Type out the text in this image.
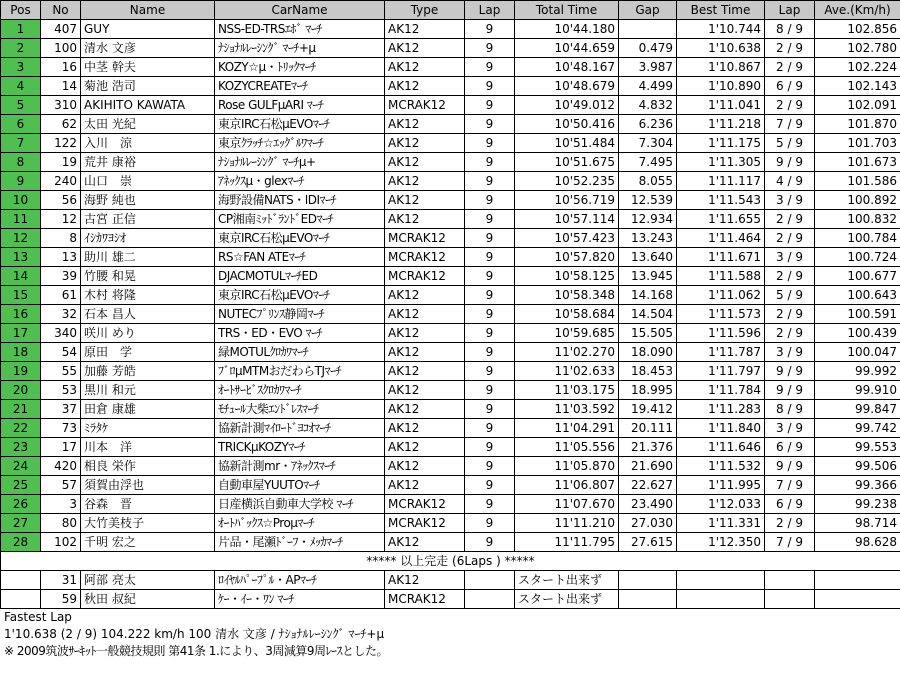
Pos	No	Name	CarName	Type	Lap	Total Time	Gap	Best Time	Lap	Ave.(Km/h)
1	407	GUY	NSS-ED-TRSｴﾎﾞ ﾏｰﾁ	AK12	9	10'44.180		1'10.744	8 / 9	102.856
2	100	清水 文彦	ﾅｼｮﾅﾙﾚｰｼﾝｸﾞ ﾏｰﾁ+μ	AK12	9	10'44.659	0.479	1'10.638	2 / 9	102.780
3	16	中茎 幹夫	KOZY☆μ・ﾄﾘｯｸﾏｰﾁ	AK12	9	10'48.167	3.987	1'10.867	2 / 9	102.224
4	14	菊池 浩司	KOZYCREATEﾏｰﾁ	AK12	9	10'48.679	4.499	1'10.890	6 / 9	102.143
5	310	AKIHITO KAWATA	Rose GULFμARI ﾏｰﾁ	MCRAK12	9	10'49.012	4.832	1'11.041	2 / 9	102.091
6	62	太田 光紀	東京IRC石松μEVOﾏｰﾁ	AK12	9	10'50.416	6.236	1'11.218	7 / 9	101.870
7	122	入川　涼	東京ｸﾗｯﾁ☆ｴｯｸﾞﾙﾜﾏｰﾁ	AK12	9	10'51.484	7.304	1'11.175	5 / 9	101.703
8	19	荒井 康裕	ﾅｼｮﾅﾙﾚｰｼﾝｸﾞ ﾏｰﾁμ+	AK12	9	10'51.675	7.495	1'11.305	9 / 9	101.673
9	240	山口　崇	ｱﾈｯｸｽμ・glexﾏｰﾁ	AK12	9	10'52.235	8.055	1'11.117	4 / 9	101.586
10	56	海野 純也	海野設備NATS・IDIﾏｰﾁ	AK12	9	10'56.719	12.539	1'11.543	3 / 9	100.892
11	12	古宮 正信	CP湘南ﾐｯﾄﾞﾗﾝﾄﾞEDﾏｰﾁ	AK12	9	10'57.114	12.934	1'11.655	2 / 9	100.832
12	8	ｲｼｶﾜﾖｼｵ	東京IRC石松μEVOﾏｰﾁ	MCRAK12	9	10'57.423	13.243	1'11.464	2 / 9	100.784
13	13	助川 雄二	RS☆FAN ATEﾏｰﾁ	MCRAK12	9	10'57.820	13.640	1'11.671	3 / 9	100.724
14	39	竹腰 和晃	DJACMOTULﾏｰﾁED	MCRAK12	9	10'58.125	13.945	1'11.588	2 / 9	100.677
15	61	木村 将隆	東京IRC石松μEVOﾏｰﾁ	AK12	9	10'58.348	14.168	1'11.062	5 / 9	100.643
16	32	石本 昌人	NUTECﾌﾟﾘﾝｽ静岡ﾏｰﾁ	AK12	9	10'58.684	14.504	1'11.573	2 / 9	100.591
17	340	咲川 めり	TRS・ED・EVO ﾏｰﾁ	AK12	9	10'59.685	15.505	1'11.596	2 / 9	100.439
18	54	原田　学	緑MOTULｸﾛｶﾜﾏｰﾁ	AK12	9	11'02.270	18.090	1'11.787	3 / 9	100.047
19	55	加藤 芳皓	ﾌﾞﾛμMTMおだわらTJﾏｰﾁ	AK12	9	11'02.633	18.453	1'11.797	9 / 9	99.992
20	53	黒川 和元	ｵｰﾄｻｰﾋﾞｽｸﾛｶﾜﾏｰﾁ	AK12	9	11'03.175	18.995	1'11.784	9 / 9	99.910
21	37	田倉 康雄	ﾓﾁｭｰﾙ大柴ｴﾝﾄﾞﾚｽﾏｰﾁ	AK12	9	11'03.592	19.412	1'11.283	8 / 9	99.847
22	73	ﾐﾗﾀｹ	協新計測ﾏｲﾛｰﾄﾞﾖｺｵﾏｰﾁ	AK12	9	11'04.291	20.111	1'11.840	3 / 9	99.742
23	17	川本　洋	TRICKμKOZYﾏｰﾁ	AK12	9	11'05.556	21.376	1'11.646	6 / 9	99.553
24	420	相良 栄作	協新計測mr・ｱﾈｯｸｽﾏｰﾁ	AK12	9	11'05.870	21.690	1'11.532	9 / 9	99.506
25	57	須賀由浮也	自動車屋YUUTOﾏｰﾁ	AK12	9	11'06.807	22.627	1'11.995	7 / 9	99.366
26	3	谷森　晋	日産横浜自動車大学校 ﾏｰﾁ	MCRAK12	9	11'07.670	23.490	1'12.033	6 / 9	99.238
27	80	大竹美枝子	ｵｰﾄﾊﾞｯｸｽ☆Proμﾏｰﾁ	MCRAK12	9	11'11.210	27.030	1'11.331	2 / 9	98.714
28	102	千明 宏之	片品・尾瀬ﾄﾞｰﾌ・ﾒｯｶﾏｰﾁ	AK12	9	11'11.795	27.615	1'12.350	7 / 9	98.628
***** 以上完走 (6Laps ) *****										
	31	阿部 亮太	ﾛｲﾔﾙﾊﾟｰﾌﾟﾙ・APﾏｰﾁ	AK12		スタート出来ず				
	59	秋田 叔紀	ｹｰ・ｲｰ・ﾜﾝ ﾏｰﾁ	MCRAK12		スタート出来ず				
Fastest Lap
1'10.638 (2 / 9) 104.222 km/h 100 清水 文彦 / ﾅｼｮﾅﾙﾚｰｼﾝｸﾞ ﾏｰﾁ+μ
※ 2009筑波ｻｰｷｯﾄ一般競技規則 第41条 1.により、3周減算9周ﾚｰｽとした。
